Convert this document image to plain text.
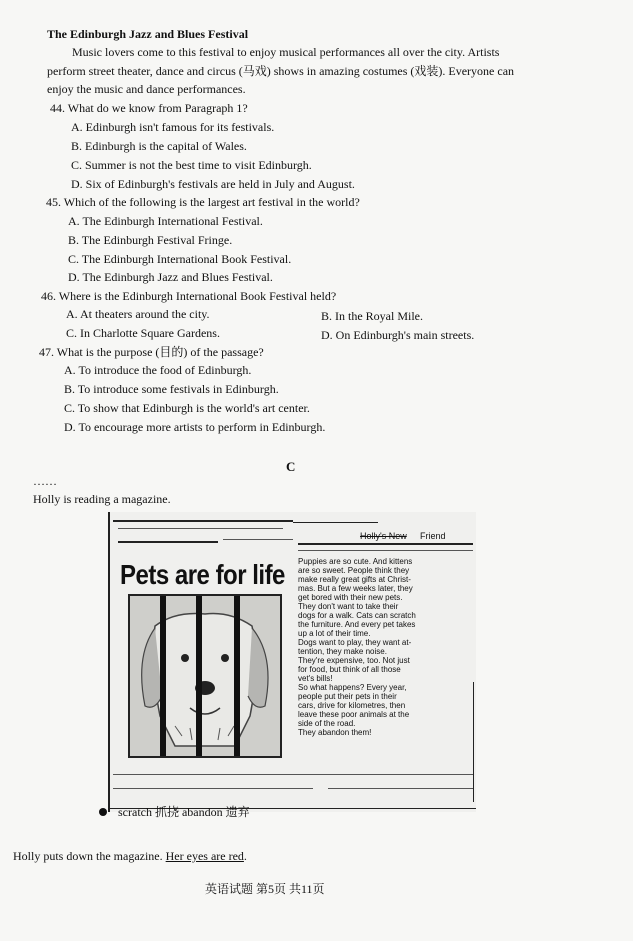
The Edinburgh Jazz and Blues Festival
Music lovers come to this festival to enjoy musical performances all over the city. Artists
perform street theater, dance and circus (马戏) shows in amazing costumes (戏装). Everyone can
enjoy the music and dance performances.
44. What do we know from Paragraph 1?
A. Edinburgh isn't famous for its festivals.
B. Edinburgh is the capital of Wales.
C. Summer is not the best time to visit Edinburgh.
D. Six of Edinburgh's festivals are held in July and August.
45. Which of the following is the largest art festival in the world?
A. The Edinburgh International Festival.
B. The Edinburgh Festival Fringe.
C. The Edinburgh International Book Festival.
D. The Edinburgh Jazz and Blues Festival.
46. Where is the Edinburgh International Book Festival held?
A. At theaters around the city.	B. In the Royal Mile.
C. In Charlotte Square Gardens.	D. On Edinburgh's main streets.
47. What is the purpose (目的) of the passage?
A. To introduce the food of Edinburgh.
B. To introduce some festivals in Edinburgh.
C. To show that Edinburgh is the world's art center.
D. To encourage more artists to perform in Edinburgh.
C
……
Holly is reading a magazine.
Holly's New Friend
Pets are for life Puppies are so cute. And kittens
are so sweet. People think they
make really great gifts at Christ-
mas. But a few weeks later, they
get bored with their new pets.
They don't want to take their
dogs for a walk. Cats can scratch
the furniture. And every pet takes
up a lot of their time.
Dogs want to play, they want at-
tention, they make noise.
They're expensive, too. Not just
for food, but think of all those
vet's bills!
So what happens? Every year,
people put their pets in their
cars, drive for kilometres, then
leave these poor animals at the
side of the road.
They abandon them!
scratch 抓挠 abandon 遗弃
Holly puts down the magazine. Her eyes are red.
英语试题 第5页 共11页
